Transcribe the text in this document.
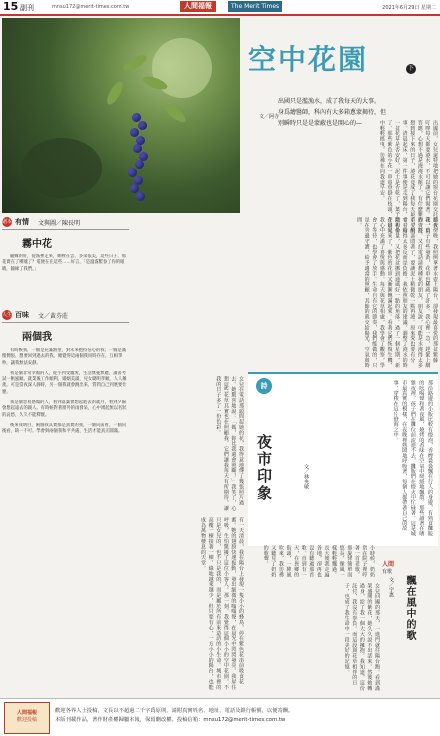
15 副刊	mnsu172@merit-times.com.tw	人間福報	The Merit Times	2021年6月29日 星期二
空中花園	下
出國只是濫漁水，成了我每天的大事。
身爲繪醫師，科內有大多箱蔥蒙揭待，但
別瞬時只是是蒙蔽也是開心的—
文／阿寺
出國前，女兒還特地把她的窗台花園交託給我，叮嚀每天都要澆水，不可以讓它們渴著。我一口答應，心想不過是澆澆水罷了，有什麼難的。沒想到接下來的日子，澆花竟成了我每天最重要的事。清晨起床，第一件事便是走到陽台，看看每一盆花草是否安好，泥土是否乾了，葉子是否垂了。那些紫色的小花一串串垂掛在枝頭，在晨光中輕輕搖曳，彷彿在向我道早安。
副本 有情 文與圖／陳長明
霧中花

隨緣的好，從霧裡走來，網裡在雲，多朵依美，這些日子，那花實在了嘆噓了？電便在在這些……好言，「是溫霧繫眷了你的眼睛，隨緣了我們。」

人生 百味 文／黃芬莊
兩個我

有時候我，一個是充滿熱望，對未來抱持信心的我；一個是滿懷惆悵、想要回到過去的我。總覺得這兩個我同時存在，互相爭吵，讓我無法安靜。

我是個非常幸福的人，從小到受寵愛，生活無憂無慮，讀書考試一帆風順。就業後工作順利，婚姻美滿，兒女聰明孝順，人人稱羨。可是當夜深人靜時，另一個我就會跳出來，質問自己到底要什麼。

我是個容易感傷的人，看到落葉會想起逝去的歲月，看到夕陽會想起遠去的親人。有時候對著窗外的雨發呆，心中湧起無以名狀的哀愁，久久不能釋懷。

後來我明白，兩個我其實都是真實的我，一個向前看，一個向後看，缺一不可。學會與兩個我和平共處，生活才能真正圓滿。

那天傍晚，我照例拿著水壺上陽台，卻發現最喜愛的那盆紫藤花，葉子有些發黃，花串也稀疏了許多。我心裡一急，趕緊上網查資料，又打電話請教種花的朋友。朋友說，可能是水澆得太多了，根部悶著了，要讓泥土稍微乾一點再澆。原來愛也要有分寸，給得太多反而是負擔。我依照朋友的建議，調整了澆水的時間和份量，又把花盆挪到通風好一點的角落。過了一個星期，新芽冒出來了，紫色的花串又漸漸飽滿起來。看著它們恢復生機，我心中充滿了喜悅與感動。每天與花草相處，我學會了觀察，學會了等待，也學會了放手。生命自有它的節奏，我們能做的，只是在旁邊守護，給予適當的照顧，其餘的就交給陽光、空氣與時間。
女兒在電話那頭問起她的花，我得意地傳了幾張照片過去。她驚喜地說：「媽，妳比我還會照顧！」我笑了，心想這些花草其實也在照顧我。它們讓我每天有所期待，讓我的日子多了一份色彩。
有一天清晨，我在陽台上發現一隻小小的蜂鳥，停在紫色花串前吸食花蜜。牠的翅膀快速振動，發出細微的嗡嗡聲，在晨光中閃閃發亮。我屏住呼吸，生怕驚擾了這位小客人。那一刻，我覺得這個小小的空中花園，不只是女兒的，也不只是我的，而是屬於所有前來造訪的小生命。城市裡的高樓一棟接著一棟，綠地越來越少，但只要有心，一方小小的陽台，也能成為萬物棲息的天堂。
詩
夜市印象	文／林央敏	那沿路邊的小販比較有燈泡，香煙裊裊飄在行人的身邊，有熟食攤販的吆喝聲和著夜風，燒烤的香味在空氣中緩緩地飄散。那些讀著在嘈雜夜裡，孩子們在攤位前流連不去，攤販們在燈火中忙碌著。這是城市最真實的模樣，在夜晚裡熱鬧地呼吸著，每個人都帶著自己的故事，穿梭在這片燈海之中。
女兒回國的那天，一進門就往陽台跑。看到滿架盛開的紫花，她久久說不出話來。然後她轉過身，給了我一個大大的擁抱。我知道，這份託付，我沒有辜負。而這段與花草相伴的日子，也成了我生命中一段美好的記憶。
人間
有歌
飄在風中的歌
文／宇惠
小時候，奶奶常在院子裡哼著一首老歌，那旋律簡單而悠長，像風一樣輕輕飄過。長大後我走遍各地，卻再也沒有聽過那首歌。直到有一天，在異鄉的街頭，一陣風吹來，我彷彿又聽見了奶奶的歌聲。
人間福報
歡迎投稿
歡迎各界人士投稿，文長以不超過二千字爲原則，請附真實姓名、地址、電話及銀行帳號，以便寄酬。
本版刊載作品，著作財產權歸屬本報，保留刪改權。投稿信箱：mnsu172@merit-times.com.tw
